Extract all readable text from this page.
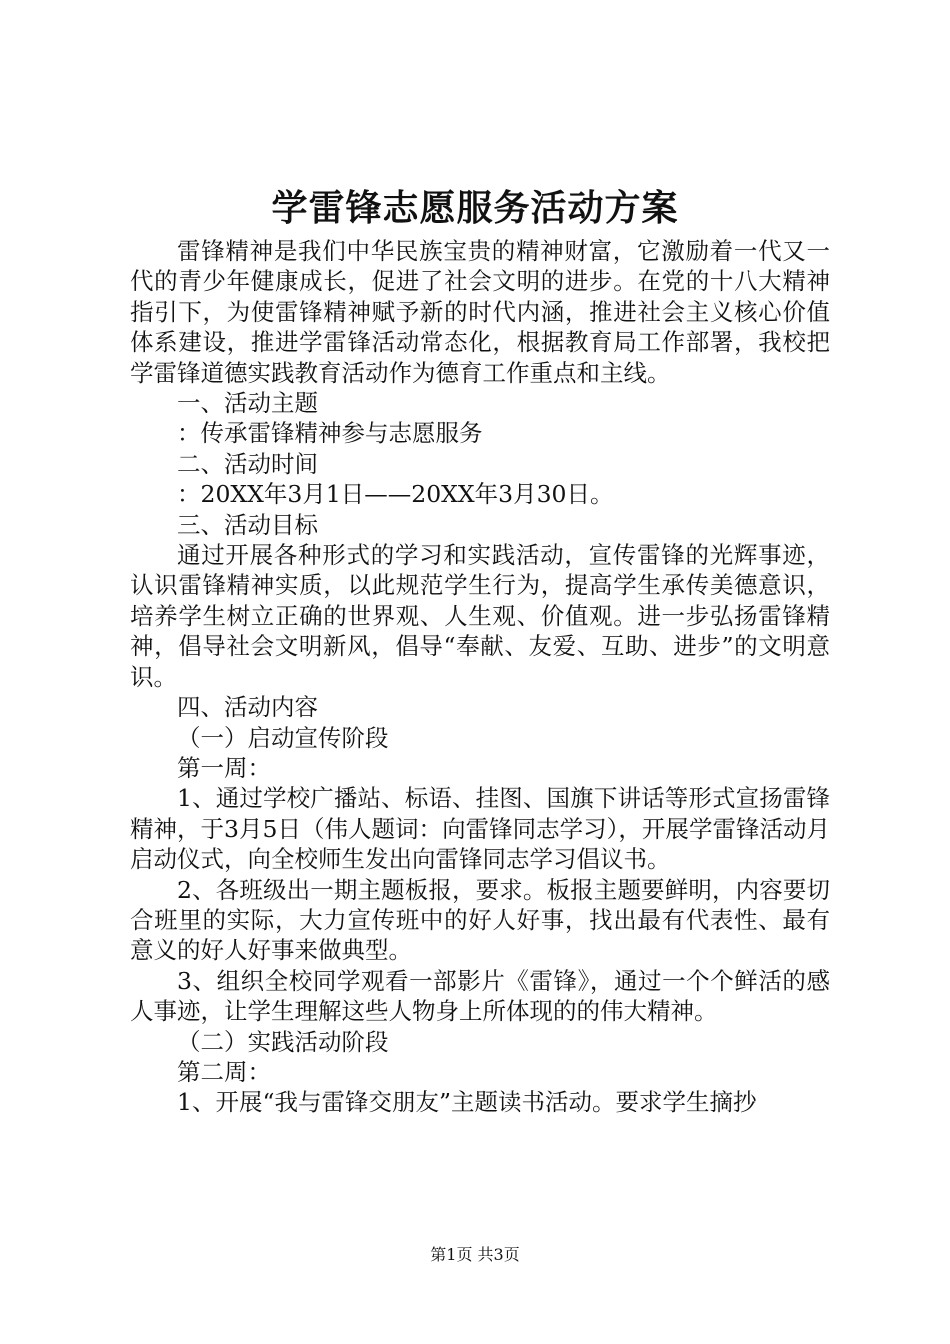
学雷锋志愿服务活动方案

雷锋精神是我们中华民族宝贵的精神财富，它激励着一代又一代的青少年健康成长，促进了社会文明的进步。在党的十八大精神指引下，为使雷锋精神赋予新的时代内涵，推进社会主义核心价值体系建设，推进学雷锋活动常态化，根据教育局工作部署，我校把学雷锋道德实践教育活动作为德育工作重点和主线。

一、活动主题

：传承雷锋精神参与志愿服务

二、活动时间

：20XX年3月1日——20XX年3月30日。

三、活动目标

通过开展各种形式的学习和实践活动，宣传雷锋的光辉事迹，认识雷锋精神实质，以此规范学生行为，提高学生承传美德意识，培养学生树立正确的世界观、人生观、价值观。进一步弘扬雷锋精神，倡导社会文明新风，倡导“奉献、友爱、互助、进步”的文明意识。

四、活动内容

（一）启动宣传阶段

第一周：

1、通过学校广播站、标语、挂图、国旗下讲话等形式宣扬雷锋精神，于3月5日（伟人题词：向雷锋同志学习），开展学雷锋活动月启动仪式，向全校师生发出向雷锋同志学习倡议书。

2、各班级出一期主题板报，要求。板报主题要鲜明，内容要切合班里的实际，大力宣传班中的好人好事，找出最有代表性、最有意义的好人好事来做典型。

3、组织全校同学观看一部影片《雷锋》，通过一个个鲜活的感人事迹，让学生理解这些人物身上所体现的的伟大精神。

（二）实践活动阶段

第二周：

1、开展“我与雷锋交朋友”主题读书活动。要求学生摘抄

第1页 共3页
